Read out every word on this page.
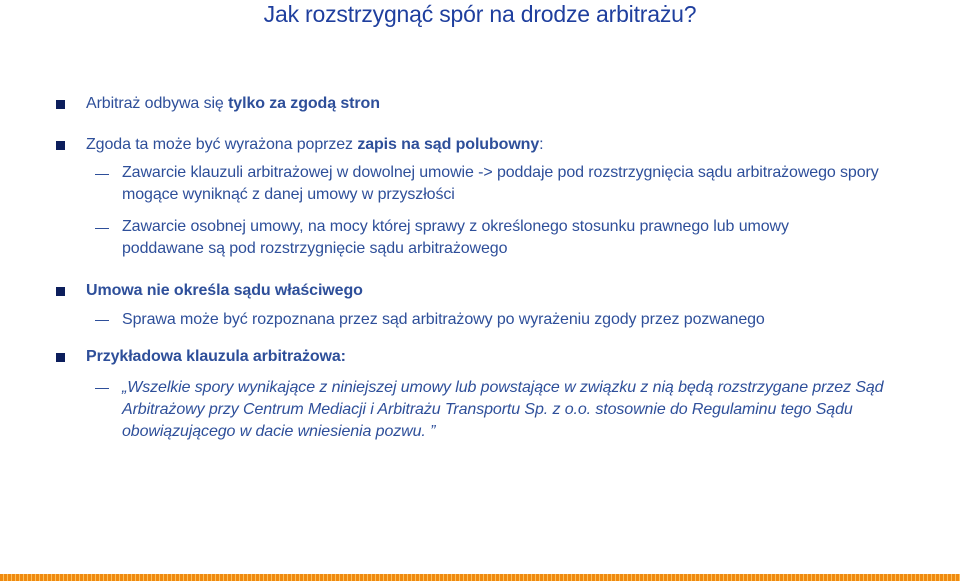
Jak rozstrzygnąć spór na drodze arbitrażu?
Arbitraż odbywa się tylko za zgodą stron
Zgoda ta może być wyrażona poprzez zapis na sąd polubowny:
Zawarcie klauzuli arbitrażowej w dowolnej umowie -> poddaje pod rozstrzygnięcia sądu arbitrażowego spory mogące wyniknąć z danej umowy w przyszłości
Zawarcie osobnej umowy, na mocy której sprawy z określonego stosunku prawnego lub umowy poddawane są pod rozstrzygnięcie sądu arbitrażowego
Umowa nie określa sądu właściwego
Sprawa może być rozpoznana przez sąd arbitrażowy po wyrażeniu zgody przez pozwanego
Przykładowa klauzula arbitrażowa:
„Wszelkie spory wynikające z niniejszej umowy lub powstające w związku z nią będą rozstrzygane przez Sąd Arbitrażowy przy Centrum Mediacji i Arbitrażu Transportu Sp. z o.o. stosownie do Regulaminu tego Sądu obowiązującego w dacie wniesienia pozwu. ”
